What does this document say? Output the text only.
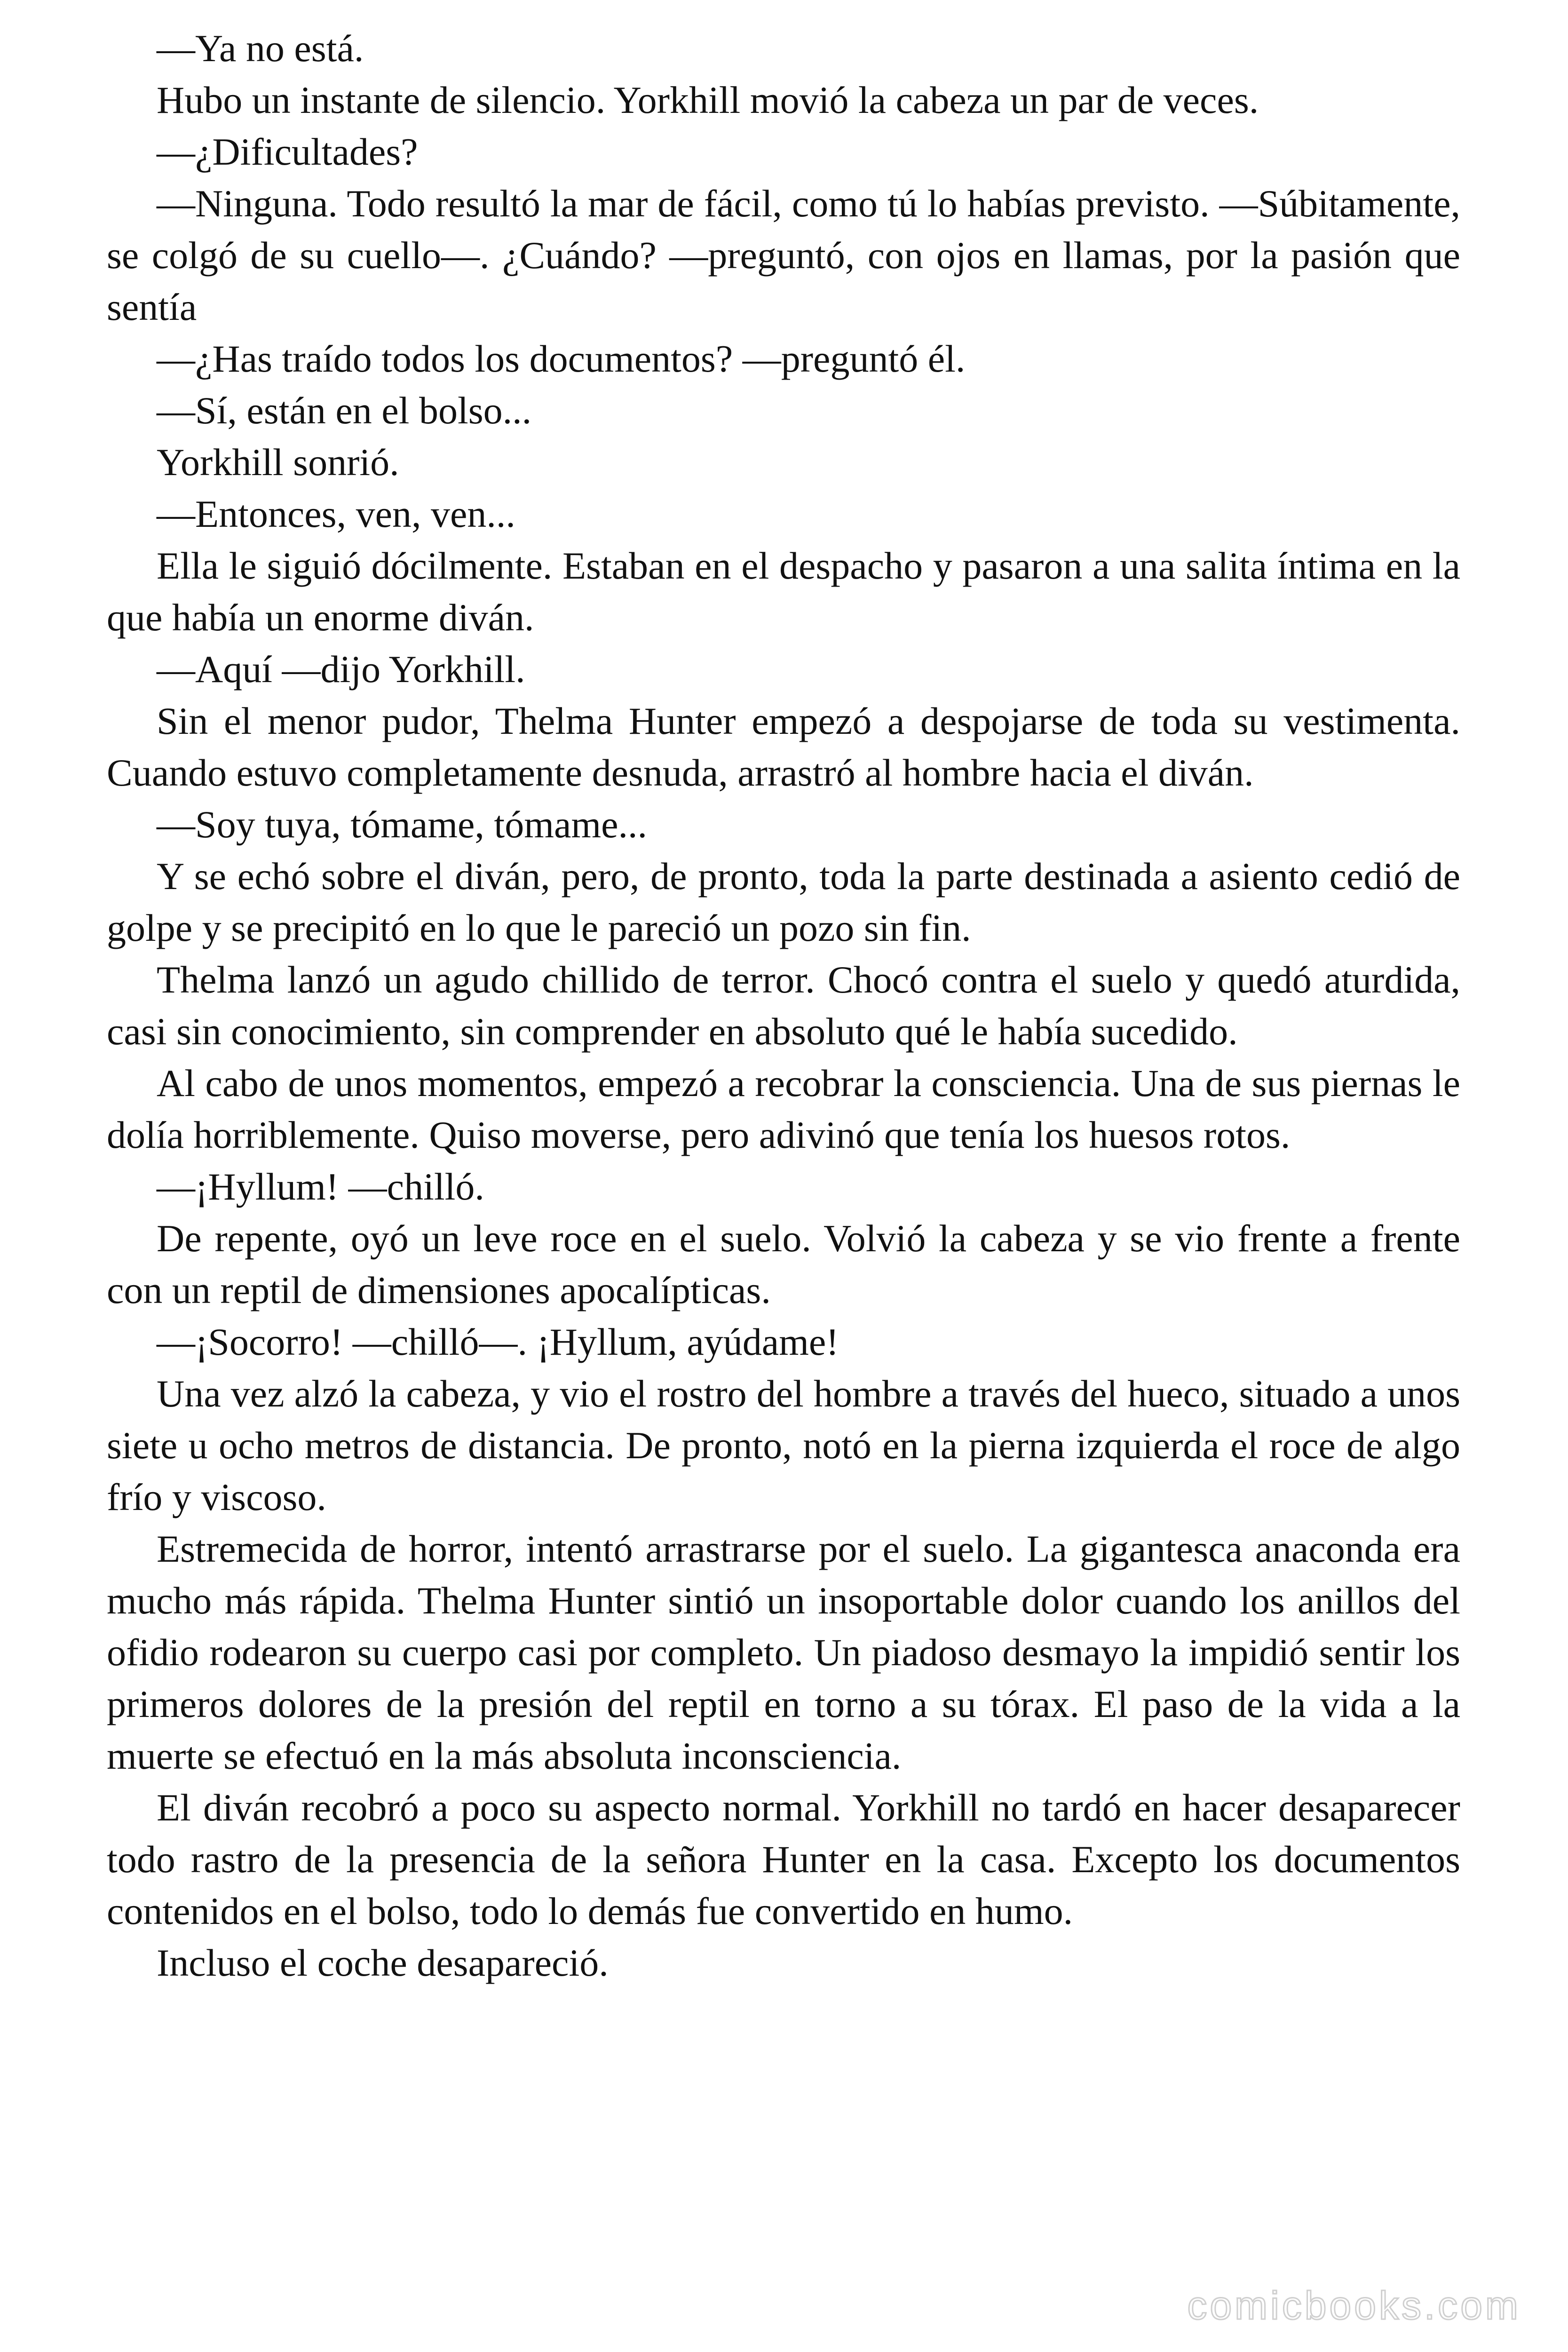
—Ya no está.

Hubo un instante de silencio. Yorkhill movió la cabeza un par de veces.

—¿Dificultades?

—Ninguna. Todo resultó la mar de fácil, como tú lo habías previsto. —Súbitamente, se colgó de su cuello—. ¿Cuándo? —preguntó, con ojos en llamas, por la pasión que sentía

—¿Has traído todos los documentos? —preguntó él.

—Sí, están en el bolso...

Yorkhill sonrió.

—Entonces, ven, ven...

Ella le siguió dócilmente. Estaban en el despacho y pasaron a una salita íntima en la que había un enorme diván.

—Aquí —dijo Yorkhill.

Sin el menor pudor, Thelma Hunter empezó a despojarse de toda su vestimenta. Cuando estuvo completamente desnuda, arrastró al hombre hacia el diván.

—Soy tuya, tómame, tómame...

Y se echó sobre el diván, pero, de pronto, toda la parte destinada a asiento cedió de golpe y se precipitó en lo que le pareció un pozo sin fin.

Thelma lanzó un agudo chillido de terror. Chocó contra el suelo y quedó aturdida, casi sin conocimiento, sin comprender en absoluto qué le había sucedido.

Al cabo de unos momentos, empezó a recobrar la consciencia. Una de sus piernas le dolía horriblemente. Quiso moverse, pero adivinó que tenía los huesos rotos.

—¡Hyllum! —chilló.

De repente, oyó un leve roce en el suelo. Volvió la cabeza y se vio frente a frente con un reptil de dimensiones apocalípticas.

—¡Socorro! —chilló—. ¡Hyllum, ayúdame!

Una vez alzó la cabeza, y vio el rostro del hombre a través del hueco, situado a unos siete u ocho metros de distancia. De pronto, notó en la pierna izquierda el roce de algo frío y viscoso.

Estremecida de horror, intentó arrastrarse por el suelo. La gigantesca anaconda era mucho más rápida. Thelma Hunter sintió un insoportable dolor cuando los anillos del ofidio rodearon su cuerpo casi por completo. Un piadoso desmayo la impidió sentir los primeros dolores de la presión del reptil en torno a su tórax. El paso de la vida a la muerte se efectuó en la más absoluta inconsciencia.

El diván recobró a poco su aspecto normal. Yorkhill no tardó en hacer desaparecer todo rastro de la presencia de la señora Hunter en la casa. Excepto los documentos contenidos en el bolso, todo lo demás fue convertido en humo.

Incluso el coche desapareció.

comicbooks.com
